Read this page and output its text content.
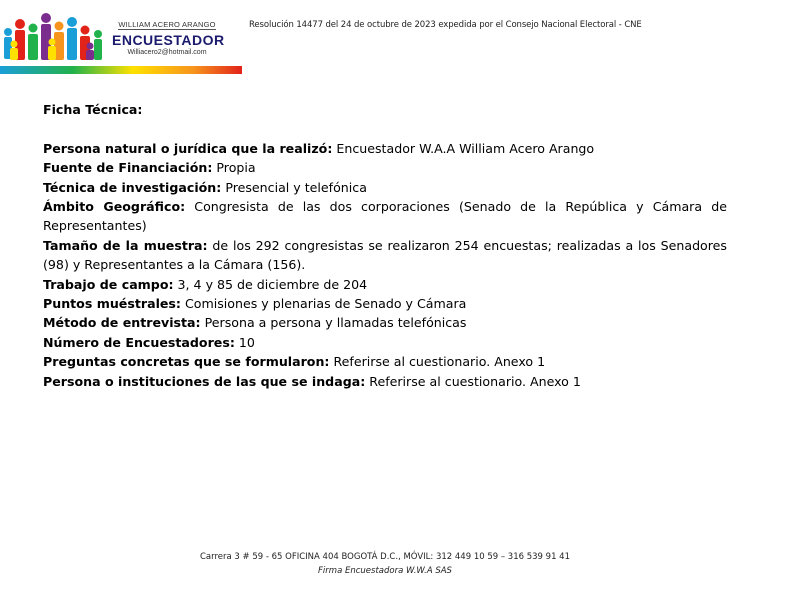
WILLIAM ACERO ARANGO
ENCUESTADOR
Williacero2@hotmail.com
Resolución 14477 del 24 de octubre de 2023 expedida por el Consejo Nacional Electoral - CNE

Ficha Técnica:

Persona natural o jurídica que la realizó: Encuestador W.A.A William Acero Arango

Fuente de Financiación: Propia

Técnica de investigación: Presencial y telefónica

Ámbito Geográfico: Congresista de las dos corporaciones (Senado de la República y Cámara de Representantes)

Tamaño de la muestra: de los 292 congresistas se realizaron 254 encuestas; realizadas a los Senadores (98) y Representantes a la Cámara (156).

Trabajo de campo: 3, 4 y 85 de diciembre de 204

Puntos muéstrales: Comisiones y plenarias de Senado y Cámara

Método de entrevista: Persona a persona y llamadas telefónicas

Número de Encuestadores: 10

Preguntas concretas que se formularon: Referirse al cuestionario. Anexo 1

Persona o instituciones de las que se indaga: Referirse al cuestionario. Anexo 1

Carrera 3 # 59 - 65 OFICINA 404 BOGOTÁ D.C., MÓVIL: 312 449 10 59 – 316 539 91 41
Firma Encuestadora W.W.A SAS
